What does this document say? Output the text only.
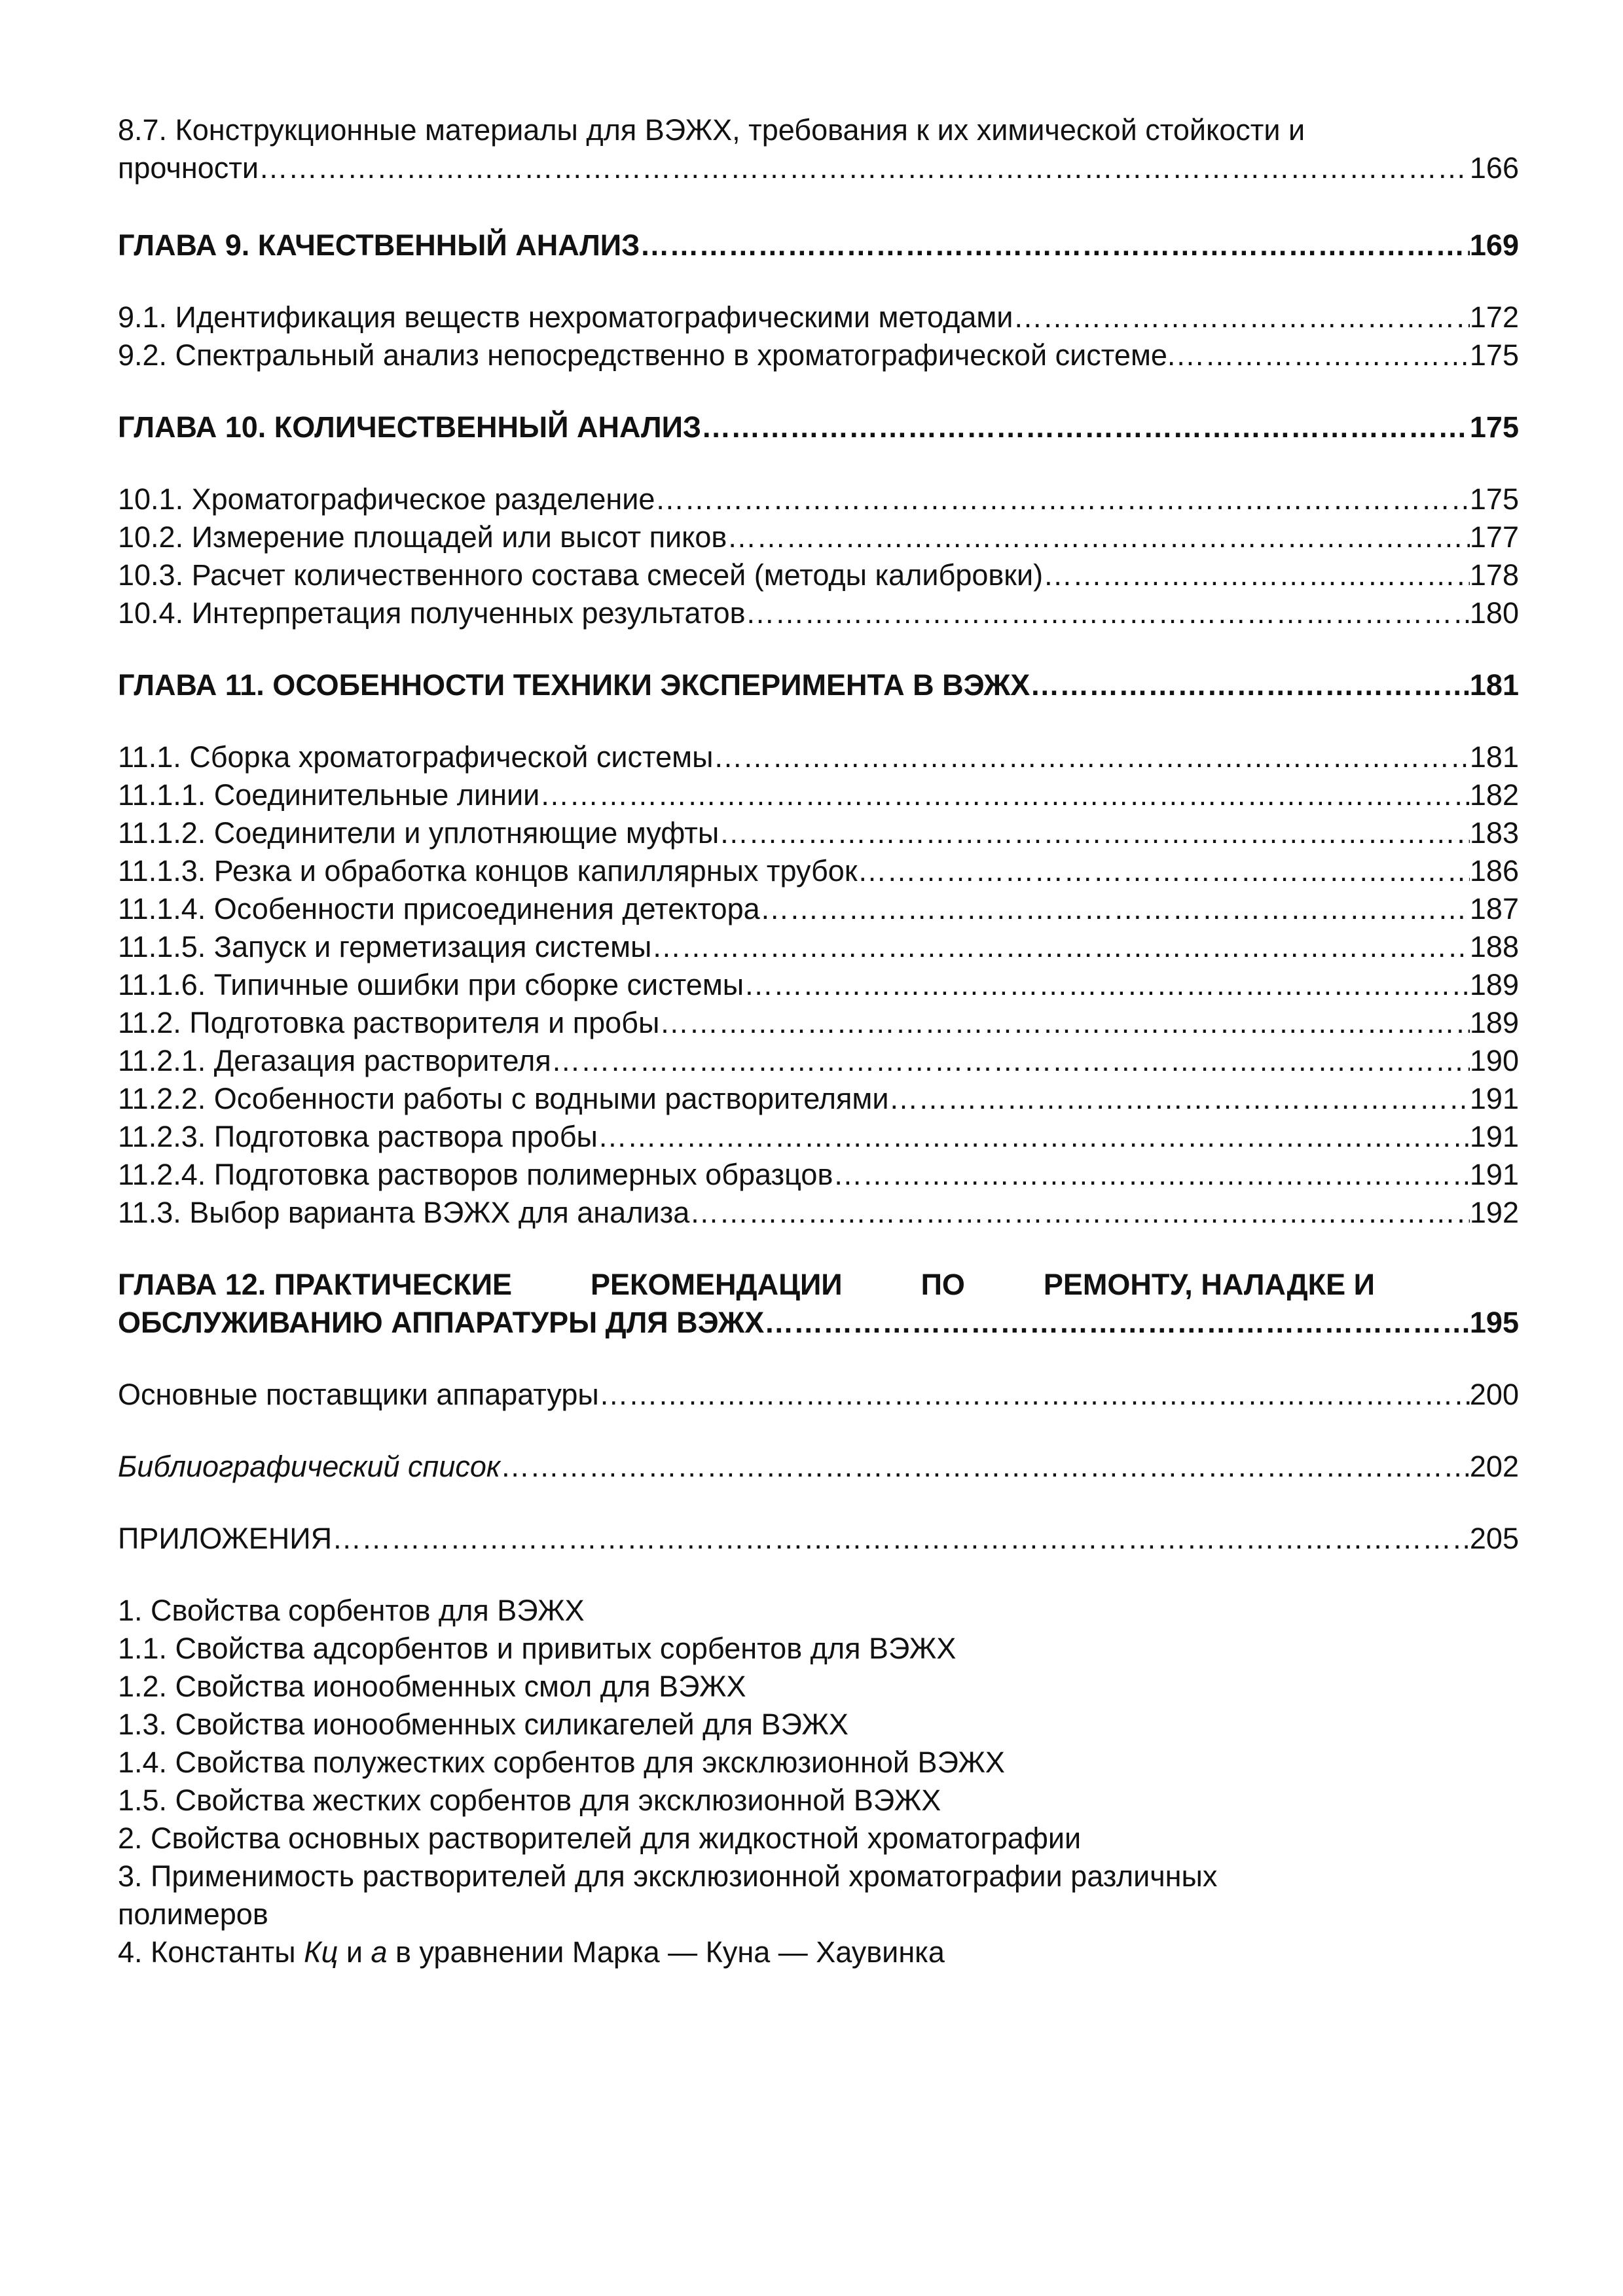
8.7. Конструкционные материалы для ВЭЖХ, требования к их химической стойкости и
прочности ………………………………………………………………………………………………………………………………………………………………………………………………………………………………………………………………………	166
ГЛАВА 9. КАЧЕСТВЕННЫЙ АНАЛИЗ ………………………………………………………………………………………………………………………………………………………………………………………………………………………………………………………………………	169
9.1. Идентификация веществ нехроматографическими методами ………………………………………………………………………………………………………………………………………………………………………………………………………………………………………………………………………	172
9.2. Спектральный анализ непосредственно в хроматографической системе. ………………………………………………………………………………………………………………………………………………………………………………………………………………………………………………………………………	175
ГЛАВА 10. КОЛИЧЕСТВЕННЫЙ АНАЛИЗ ………………………………………………………………………………………………………………………………………………………………………………………………………………………………………………………………………	175
10.1. Хроматографическое разделение ………………………………………………………………………………………………………………………………………………………………………………………………………………………………………………………………………	175
10.2. Измерение площадей или высот пиков ………………………………………………………………………………………………………………………………………………………………………………………………………………………………………………………………………	177
10.3. Расчет количественного состава смесей (методы калибровки) ………………………………………………………………………………………………………………………………………………………………………………………………………………………………………………………………………	178
10.4. Интерпретация полученных результатов ………………………………………………………………………………………………………………………………………………………………………………………………………………………………………………………………………	180
ГЛАВА 11. ОСОБЕННОСТИ ТЕХНИКИ ЭКСПЕРИМЕНТА В ВЭЖХ ………………………………………………………………………………………………………………………………………………………………………………………………………………………………………………………………………	181
11.1. Сборка хроматографической системы ………………………………………………………………………………………………………………………………………………………………………………………………………………………………………………………………………	181
11.1.1. Соединительные линии ………………………………………………………………………………………………………………………………………………………………………………………………………………………………………………………………………	182
11.1.2. Соединители и уплотняющие муфты ………………………………………………………………………………………………………………………………………………………………………………………………………………………………………………………………………	183
11.1.3. Резка и обработка концов капиллярных трубок ………………………………………………………………………………………………………………………………………………………………………………………………………………………………………………………………………	186
11.1.4. Особенности присоединения детектора ………………………………………………………………………………………………………………………………………………………………………………………………………………………………………………………………………	187
11.1.5. Запуск и герметизация системы ………………………………………………………………………………………………………………………………………………………………………………………………………………………………………………………………………	188
11.1.6. Типичные ошибки при сборке системы ………………………………………………………………………………………………………………………………………………………………………………………………………………………………………………………………………	189
11.2. Подготовка растворителя и пробы ………………………………………………………………………………………………………………………………………………………………………………………………………………………………………………………………………	189
11.2.1. Дегазация растворителя ………………………………………………………………………………………………………………………………………………………………………………………………………………………………………………………………………	190
11.2.2. Особенности работы с водными растворителями ………………………………………………………………………………………………………………………………………………………………………………………………………………………………………………………………………	191
11.2.3. Подготовка раствора пробы ………………………………………………………………………………………………………………………………………………………………………………………………………………………………………………………………………	191
11.2.4. Подготовка растворов полимерных образцов ………………………………………………………………………………………………………………………………………………………………………………………………………………………………………………………………………	191
11.3. Выбор варианта ВЭЖХ для анализа ………………………………………………………………………………………………………………………………………………………………………………………………………………………………………………………………………	192
ГЛАВА 12. ПРАКТИЧЕСКИЕ	РЕКОМЕНДАЦИИ	ПО	РЕМОНТУ, НАЛАДКЕ И
ОБСЛУЖИВАНИЮ АППАРАТУРЫ ДЛЯ ВЭЖХ ………………………………………………………………………………………………………………………………………………………………………………………………………………………………………………………………………	195
Основные поставщики аппаратуры ………………………………………………………………………………………………………………………………………………………………………………………………………………………………………………………………………	200
Библиографический список ………………………………………………………………………………………………………………………………………………………………………………………………………………………………………………………………………	202
ПРИЛОЖЕНИЯ ………………………………………………………………………………………………………………………………………………………………………………………………………………………………………………………………………	205
1. Свойства сорбентов для ВЭЖХ
1.1. Свойства адсорбентов и привитых сорбентов для ВЭЖХ
1.2. Свойства ионообменных смол для ВЭЖХ
1.3. Свойства ионообменных силикагелей для ВЭЖХ
1.4. Свойства полужестких сорбентов для эксклюзионной ВЭЖХ
1.5. Свойства жестких сорбентов для эксклюзионной ВЭЖХ
2. Свойства основных растворителей для жидкостной хроматографии
3. Применимость растворителей для эксклюзионной хроматографии различных
полимеров
4. Константы Кц и а в уравнении Марка — Куна — Хаувинка
